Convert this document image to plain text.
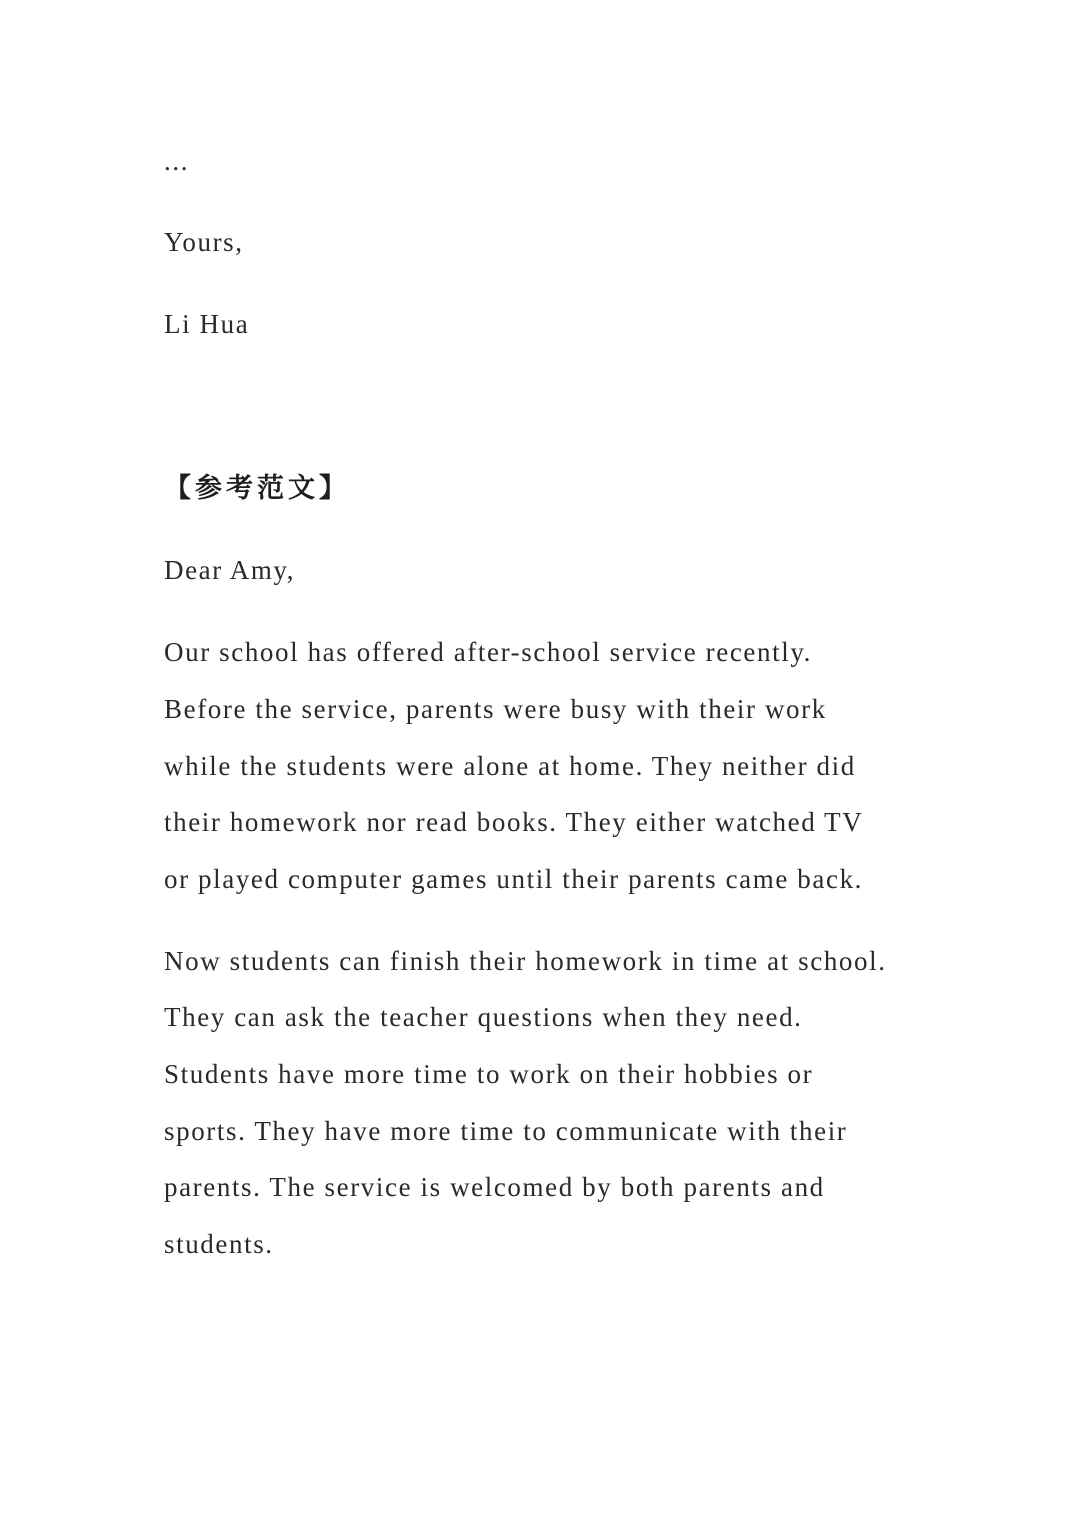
...
Yours,
Li Hua
【参考范文】
Dear Amy,
Our school has offered after-school service recently.
Before the service, parents were busy with their work
while the students were alone at home. They neither did
their homework nor read books. They either watched TV
or played computer games until their parents came back.
Now students can finish their homework in time at school.
They can ask the teacher questions when they need.
Students have more time to work on their hobbies or
sports. They have more time to communicate with their
parents. The service is welcomed by both parents and
students.
